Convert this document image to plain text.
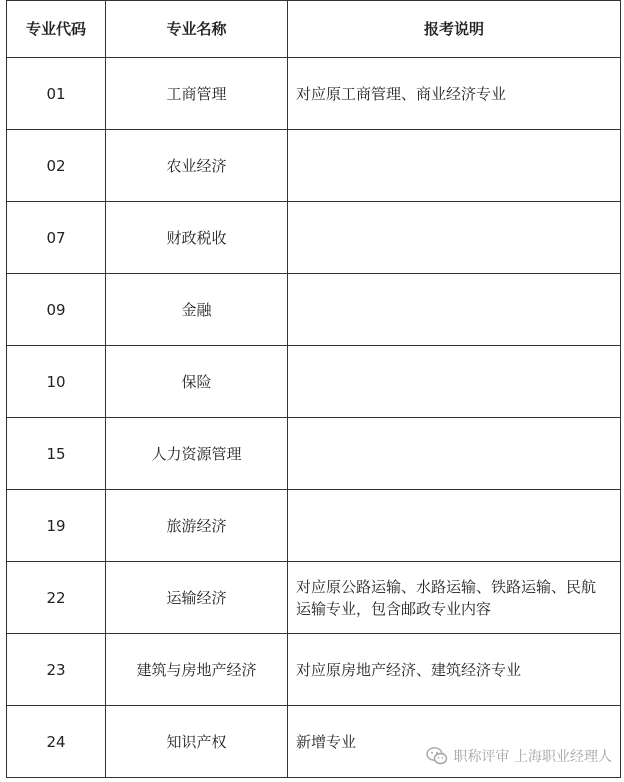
专业代码	专业名称	报考说明
01	工商管理	对应原工商管理、商业经济专业
02	农业经济	
07	财政税收	
09	金融	
10	保险	
15	人力资源管理	
19	旅游经济	
22	运输经济	对应原公路运输、水路运输、铁路运输、民航运输专业，包含邮政专业内容
23	建筑与房地产经济	对应原房地产经济、建筑经济专业
24	知识产权	新增专业
职称评审 上海职业经理人
